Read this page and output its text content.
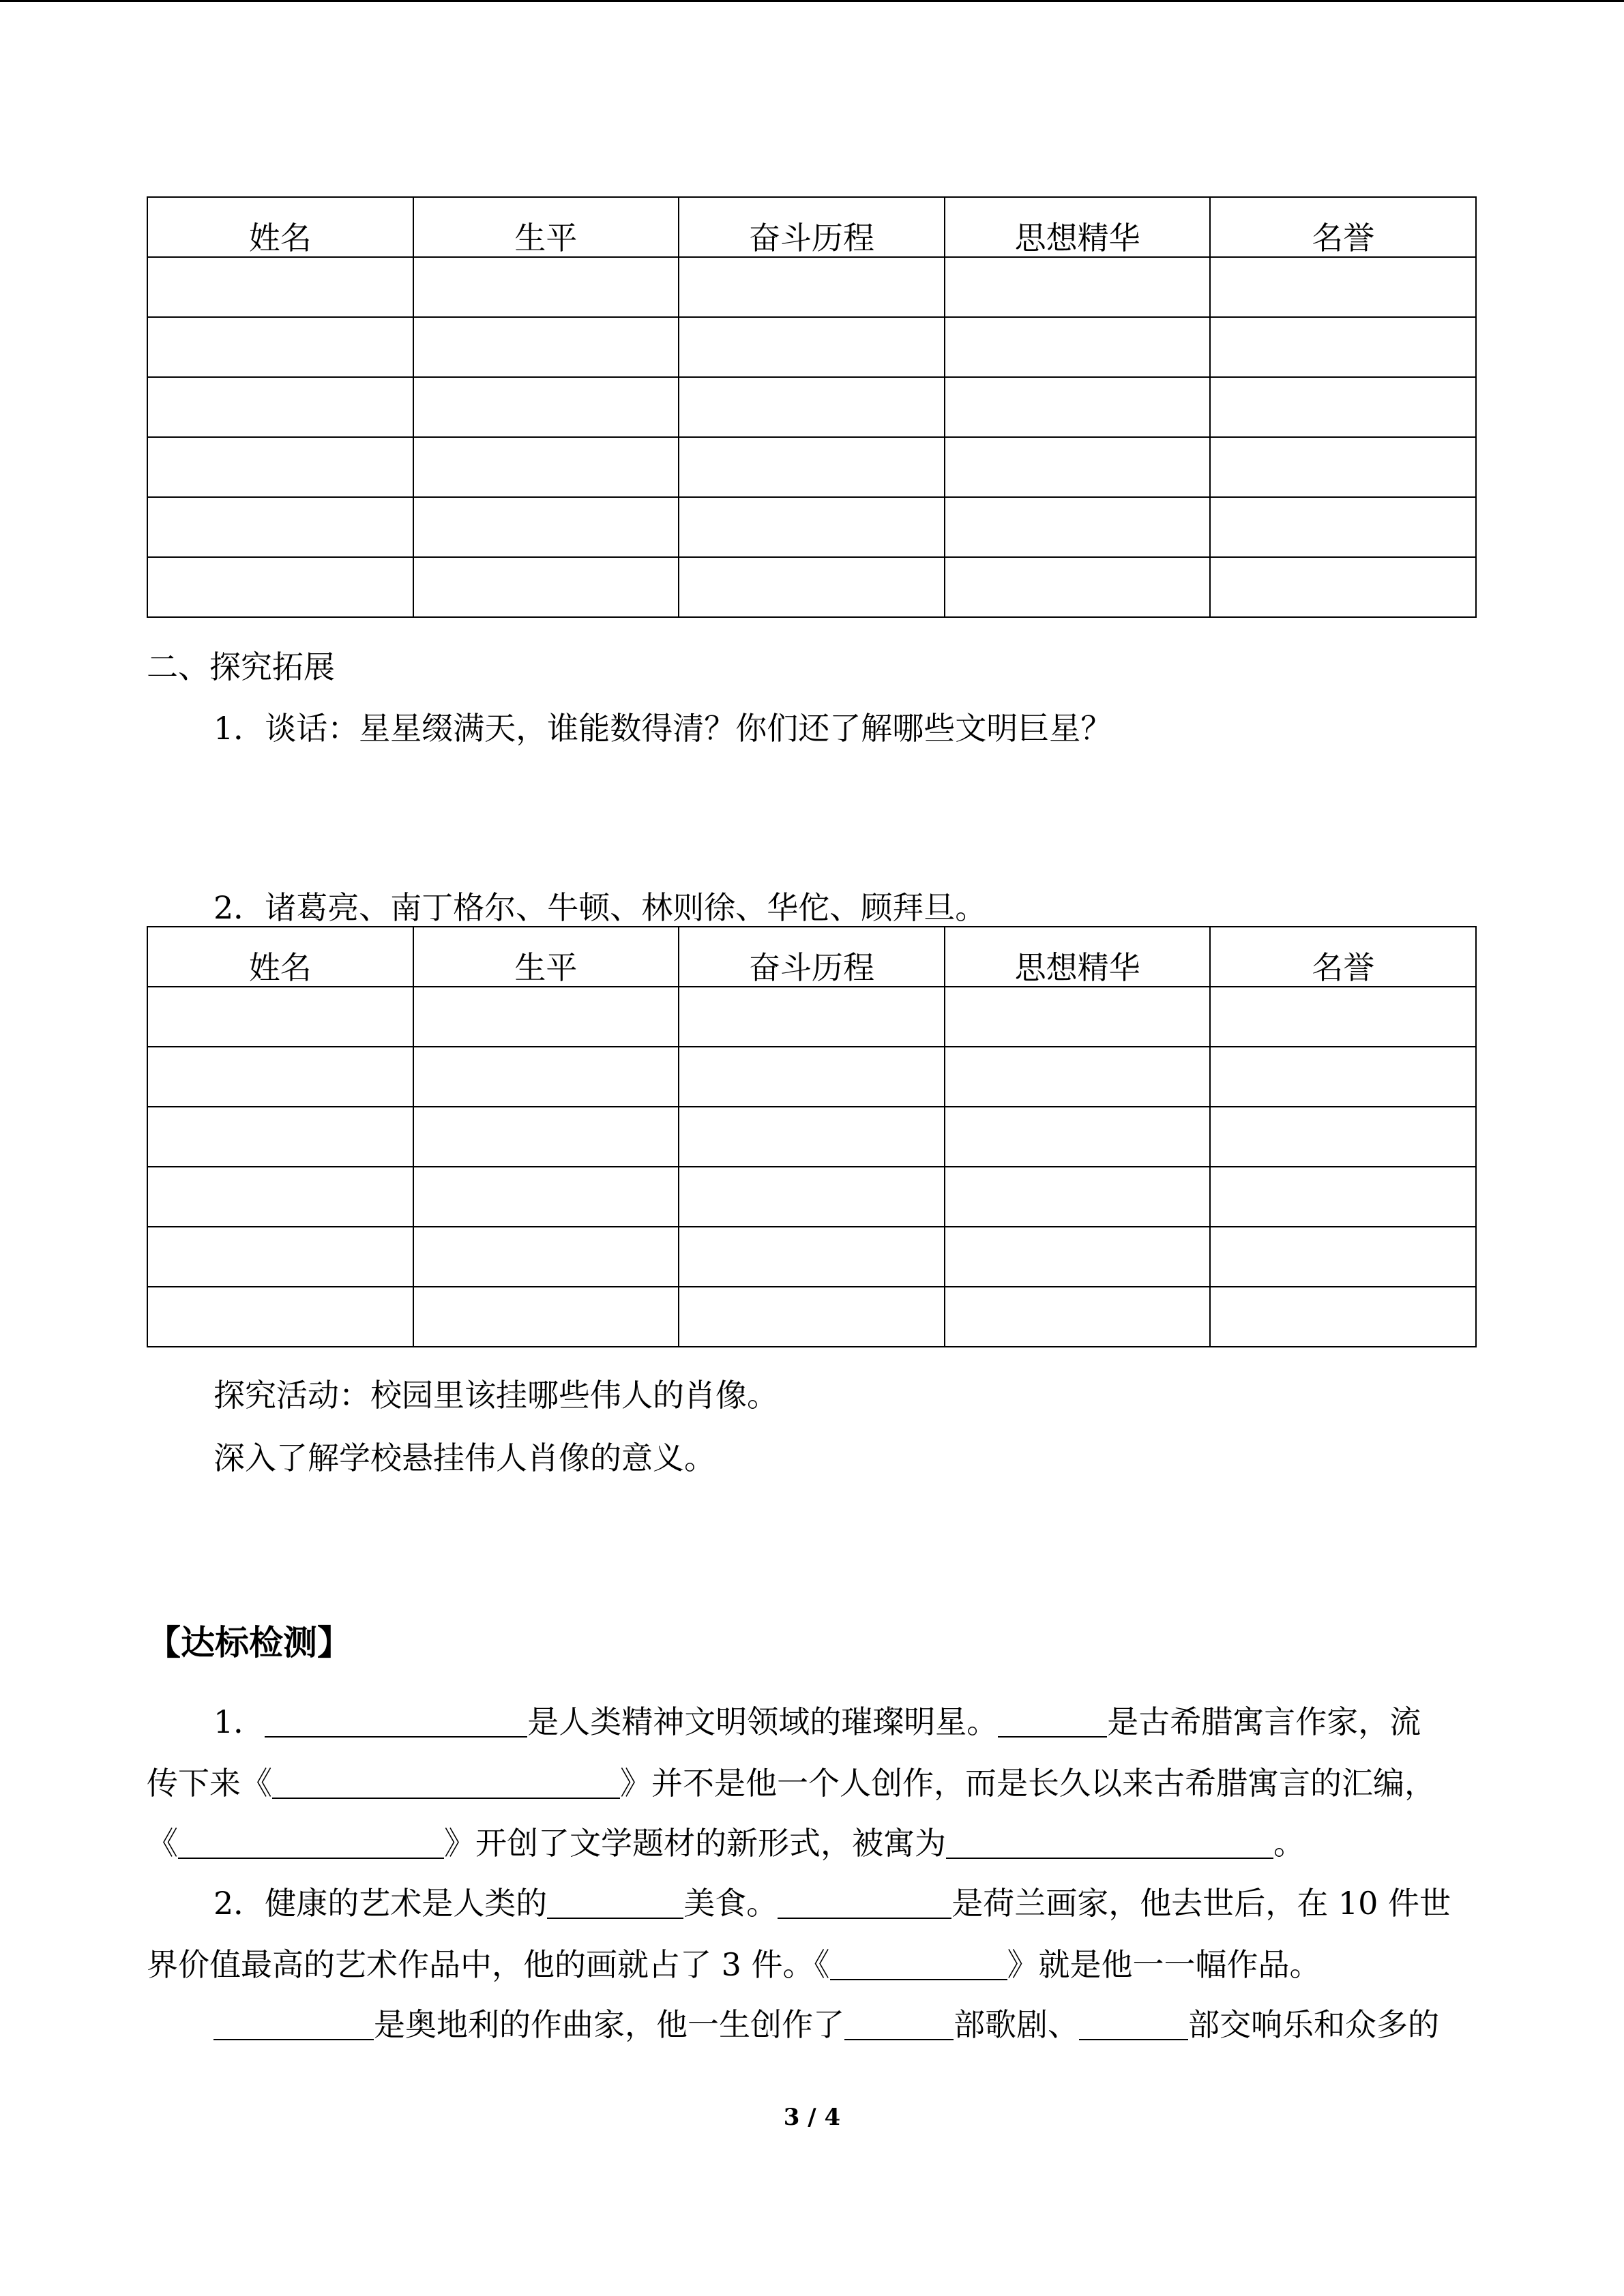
姓名	生平	奋斗历程	思想精华	名誉

二、探究拓展
1．谈话：星星缀满天，谁能数得清？你们还了解哪些文明巨星？
2．诸葛亮、南丁格尔、牛顿、林则徐、华佗、顾拜旦。
姓名	生平	奋斗历程	思想精华	名誉

探究活动：校园里该挂哪些伟人的肖像。
深入了解学校悬挂伟人肖像的意义。
【达标检测】
1．	是人类精神文明领域的璀璨明星。	是古希腊寓言作家，流
传下来《	》并不是他一个人创作，而是长久以来古希腊寓言的汇编，
《	》开创了文学题材的新形式，被寓为	。
2．健康的艺术是人类的	美食。	是荷兰画家，他去世后，在 10 件世
界价值最高的艺术作品中，他的画就占了 3 件。《	》就是他一一幅作品。
是奥地利的作曲家，他一生创作了	部歌剧、	部交响乐和众多的
3 / 4
